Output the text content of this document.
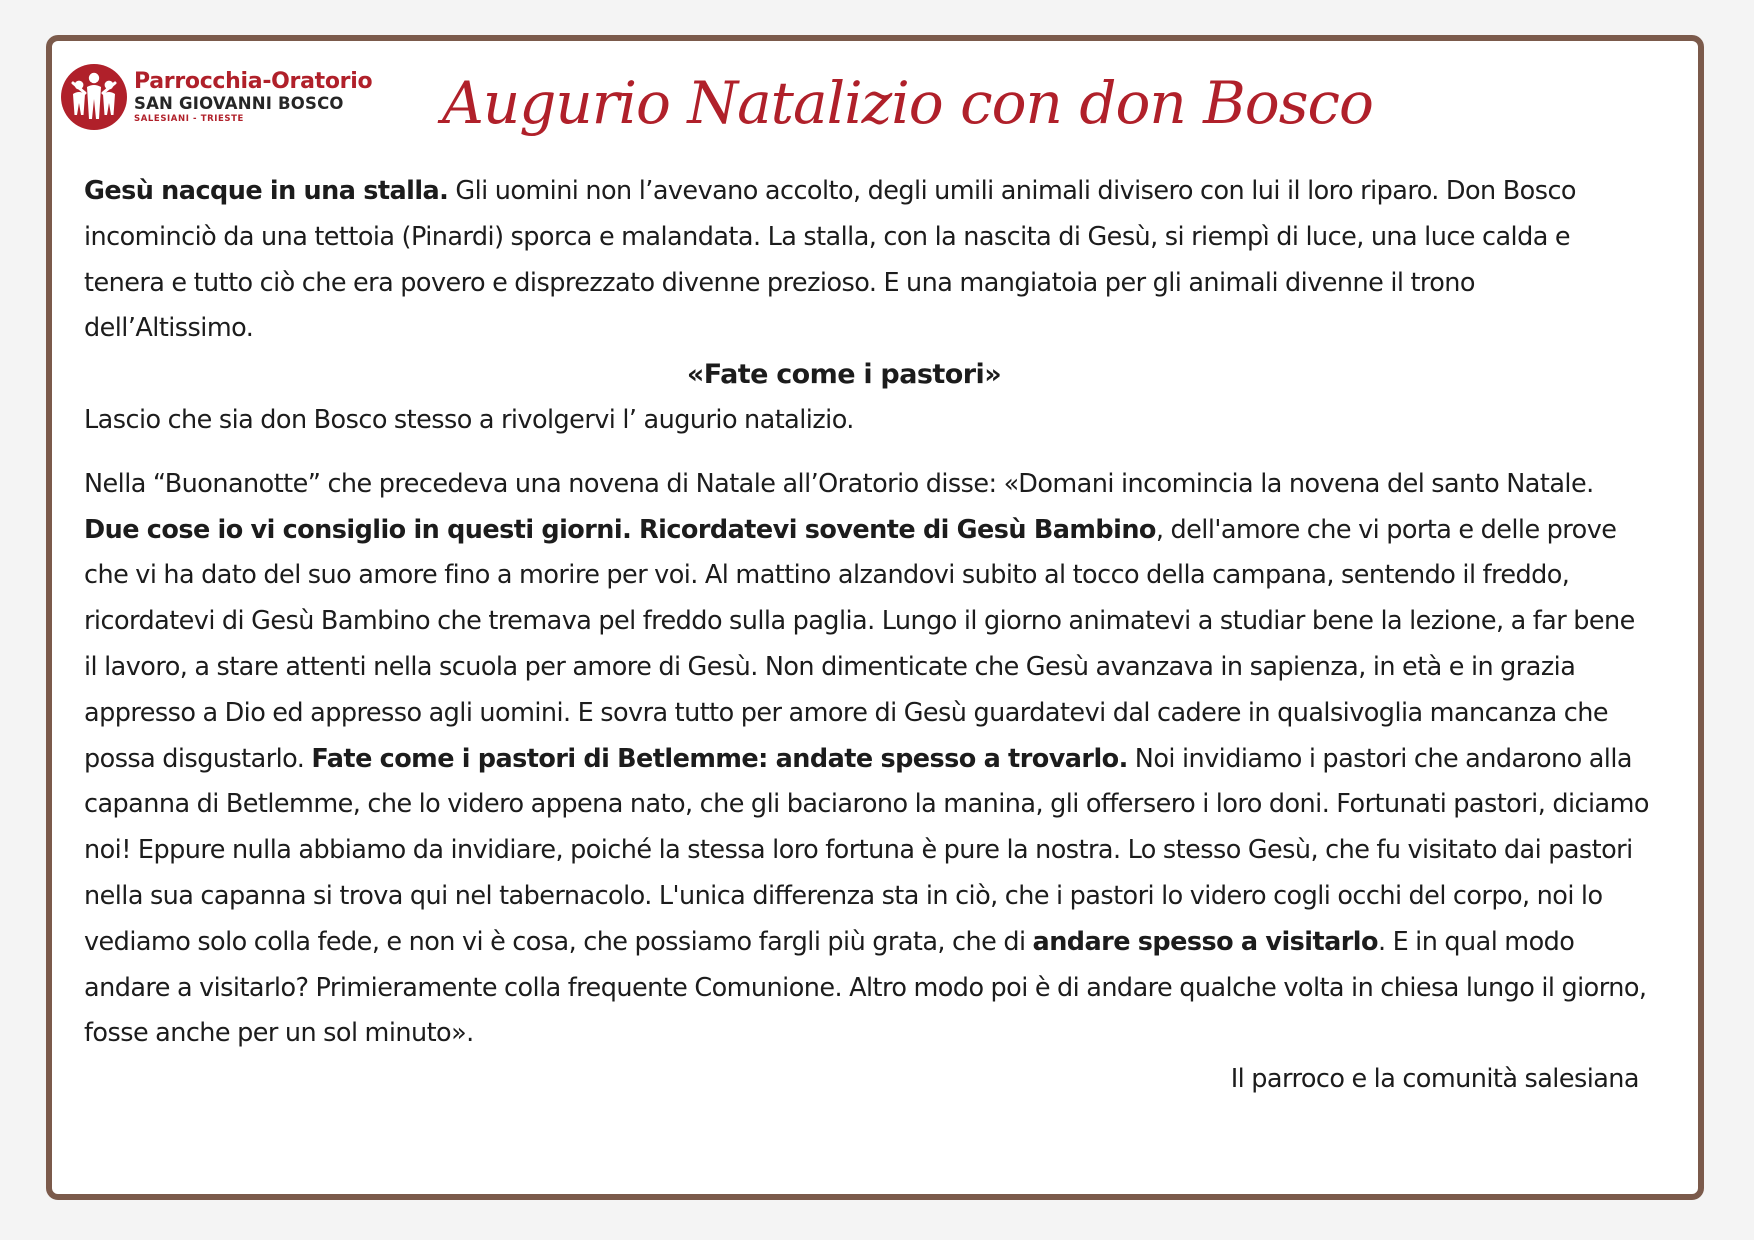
Parrocchia-Oratorio
SAN GIOVANNI BOSCO
SALESIANI - TRIESTE	Augurio Natalizio con don Bosco

Gesù nacque in una stalla. Gli uomini non l’avevano accolto, degli umili animali divisero con lui il loro riparo. Don Bosco incominciò da una tettoia (Pinardi) sporca e malandata. La stalla, con la nascita di Gesù, si riempì di luce, una luce calda e tenera e tutto ciò che era povero e disprezzato divenne prezioso. E una mangiatoia per gli animali divenne il trono dell’Altissimo.

«Fate come i pastori»

Lascio che sia don Bosco stesso a rivolgervi l’ augurio natalizio.

Nella “Buonanotte” che precedeva una novena di Natale all’Oratorio disse: «Domani incomincia la novena del santo Natale. Due cose io vi consiglio in questi giorni. Ricordatevi sovente di Gesù Bambino, dell'amore che vi porta e delle prove che vi ha dato del suo amore fino a morire per voi. Al mattino alzandovi subito al tocco della campana, sentendo il freddo, ricordatevi di Gesù Bambino che tremava pel freddo sulla paglia. Lungo il giorno animatevi a studiar bene la lezione, a far bene il lavoro, a stare attenti nella scuola per amore di Gesù. Non dimenticate che Gesù avanzava in sapienza, in età e in grazia appresso a Dio ed appresso agli uomini. E sovra tutto per amore di Gesù guardatevi dal cadere in qualsivoglia mancanza che possa disgustarlo. Fate come i pastori di Betlemme: andate spesso a trovarlo. Noi invidiamo i pastori che andarono alla capanna di Betlemme, che lo videro appena nato, che gli baciarono la manina, gli offersero i loro doni. Fortunati pastori, diciamo noi! Eppure nulla abbiamo da invidiare, poiché la stessa loro fortuna è pure la nostra. Lo stesso Gesù, che fu visitato dai pastori nella sua capanna si trova qui nel tabernacolo. L'unica differenza sta in ciò, che i pastori lo videro cogli occhi del corpo, noi lo vediamo solo colla fede, e non vi è cosa, che possiamo fargli più grata, che di andare spesso a visitarlo. E in qual modo andare a visitarlo? Primieramente colla frequente Comunione. Altro modo poi è di andare qualche volta in chiesa lungo il giorno, fosse anche per un sol minuto».

Il parroco e la comunità salesiana
